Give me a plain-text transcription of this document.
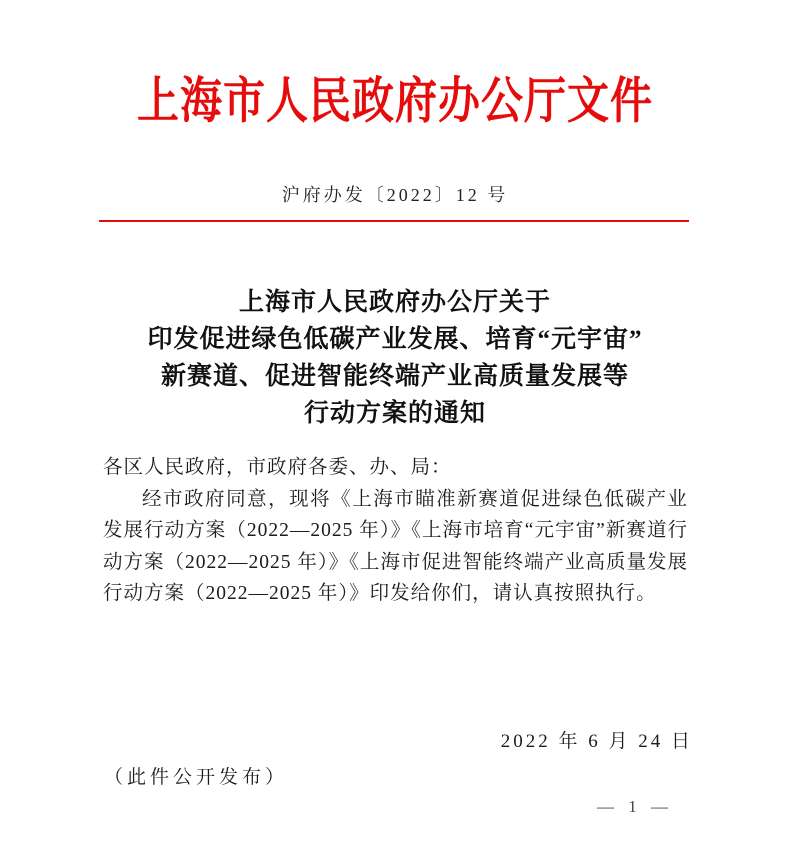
上海市人民政府办公厅文件
沪府办发〔2022〕12 号
上海市人民政府办公厅关于
印发促进绿色低碳产业发展、培育“元宇宙”
新赛道、促进智能终端产业高质量发展等
行动方案的通知
各区人民政府，市政府各委、办、局：
经市政府同意，现将《上海市瞄准新赛道促进绿色低碳产业发展行动方案（2022—2025 年）》《上海市培育“元宇宙”新赛道行动方案（2022—2025 年）》《上海市促进智能终端产业高质量发展行动方案（2022—2025 年）》印发给你们，请认真按照执行。
2022 年 6 月 24 日
（此件公开发布）
— 1 —
